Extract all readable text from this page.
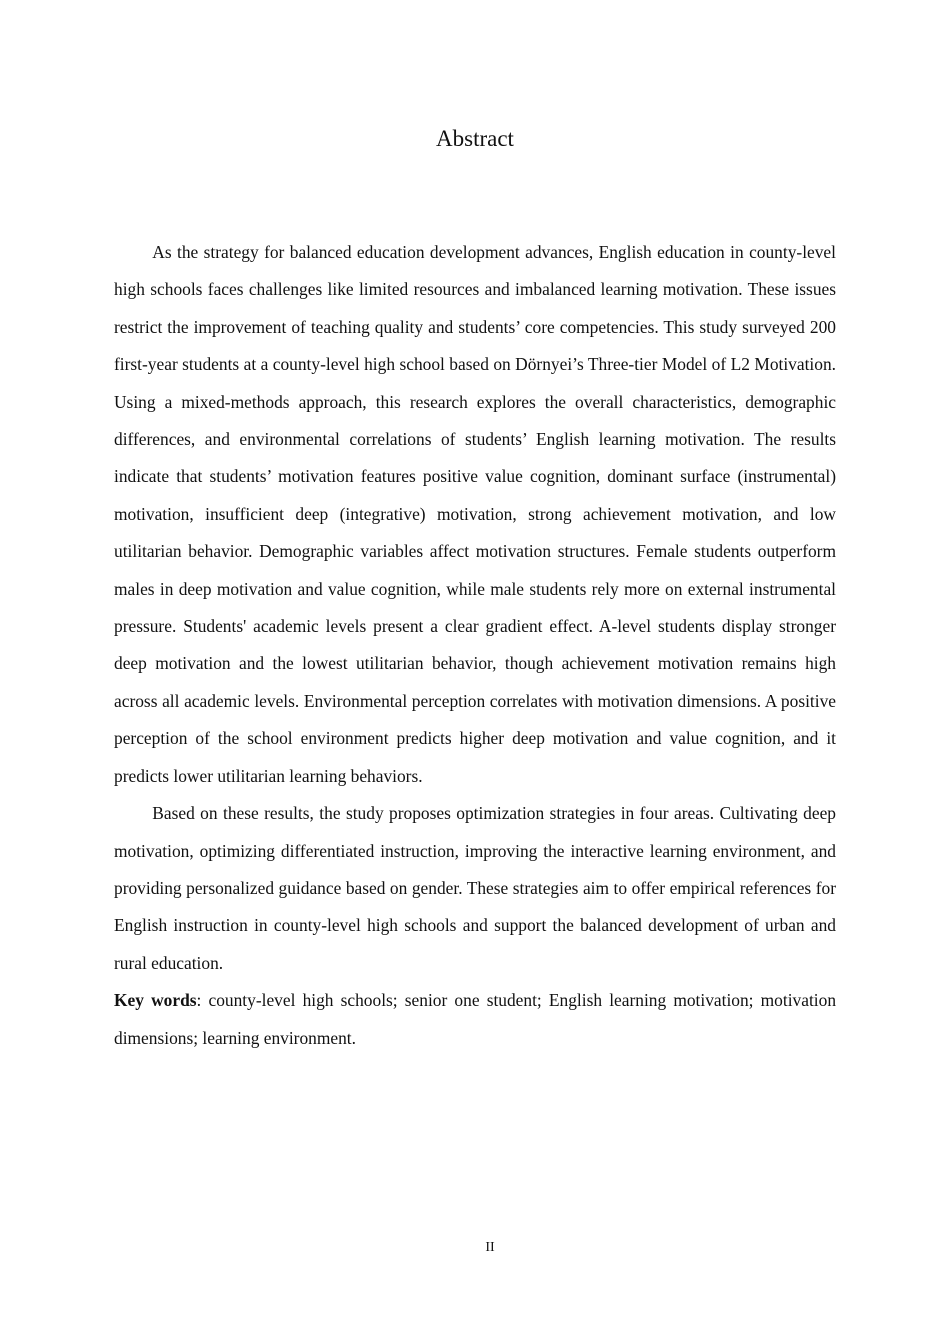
Abstract

As the strategy for balanced education development advances, English education in county-level high schools faces challenges like limited resources and imbalanced learning motivation. These issues restrict the improvement of teaching quality and students’ core competencies. This study surveyed 200 first-year students at a county-level high school based on Dörnyei’s Three-tier Model of L2 Motivation. Using a mixed-methods approach, this research explores the overall characteristics, demographic differences, and environmental correlations of students’ English learning motivation. The results indicate that students’ motivation features positive value cognition, dominant surface (instrumental) motivation, insufficient deep (integrative) motivation, strong achievement motivation, and low utilitarian behavior. Demographic variables affect motivation structures. Female students outperform males in deep motivation and value cognition, while male students rely more on external instrumental pressure. Students' academic levels present a clear gradient effect. A-level students display stronger deep motivation and the lowest utilitarian behavior, though achievement motivation remains high across all academic levels. Environmental perception correlates with motivation dimensions. A positive perception of the school environment predicts higher deep motivation and value cognition, and it predicts lower utilitarian learning behaviors.

Based on these results, the study proposes optimization strategies in four areas. Cultivating deep motivation, optimizing differentiated instruction, improving the interactive learning environment, and providing personalized guidance based on gender. These strategies aim to offer empirical references for English instruction in county-level high schools and support the balanced development of urban and rural education.

Key words: county-level high schools; senior one student; English learning motivation; motivation dimensions; learning environment.

II
